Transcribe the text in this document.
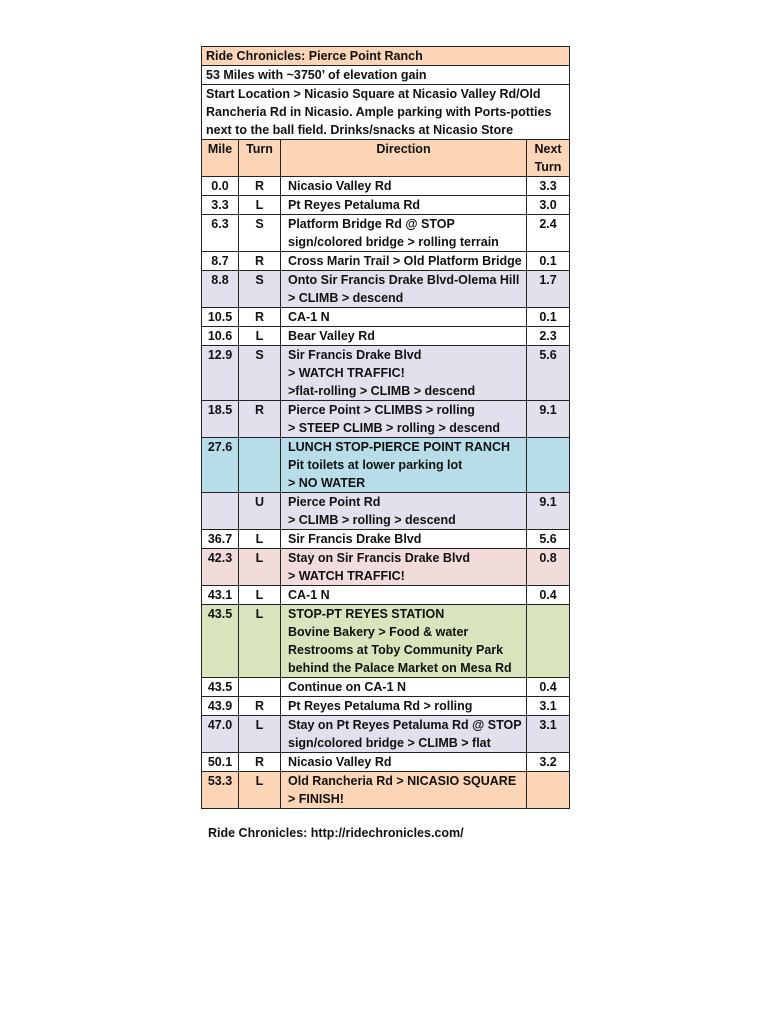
Ride Chronicles: Pierce Point Ranch			
53 Miles with ~3750’ of elevation gain			
Start Location > Nicasio Square at Nicasio Valley Rd/Old
Rancheria Rd in Nicasio. Ample parking with Ports-potties
next to the ball field. Drinks/snacks at Nicasio Store			
Mile	Turn	Direction	Next
Turn
0.0	R	Nicasio Valley Rd	3.3
3.3	L	Pt Reyes Petaluma Rd	3.0
6.3	S	Platform Bridge Rd @ STOP
sign/colored bridge > rolling terrain	2.4
8.7	R	Cross Marin Trail > Old Platform Bridge	0.1
8.8	S	Onto Sir Francis Drake Blvd-Olema Hill
> CLIMB > descend	1.7
10.5	R	CA-1 N	0.1
10.6	L	Bear Valley Rd	2.3
12.9	S	Sir Francis Drake Blvd
> WATCH TRAFFIC!
>flat-rolling > CLIMB > descend	5.6
18.5	R	Pierce Point > CLIMBS > rolling
> STEEP CLIMB > rolling > descend	9.1
27.6		LUNCH STOP-PIERCE POINT RANCH
Pit toilets at lower parking lot
> NO WATER	
	U	Pierce Point Rd
> CLIMB > rolling > descend	9.1
36.7	L	Sir Francis Drake Blvd	5.6
42.3	L	Stay on Sir Francis Drake Blvd
> WATCH TRAFFIC!	0.8
43.1	L	CA-1 N	0.4
43.5	L	STOP-PT REYES STATION
Bovine Bakery > Food & water
Restrooms at Toby Community Park
behind the Palace Market on Mesa Rd	
43.5		Continue on CA-1 N	0.4
43.9	R	Pt Reyes Petaluma Rd > rolling	3.1
47.0	L	Stay on Pt Reyes Petaluma Rd @ STOP
sign/colored bridge > CLIMB > flat	3.1
50.1	R	Nicasio Valley Rd	3.2
53.3	L	Old Rancheria Rd > NICASIO SQUARE
> FINISH!	
Ride Chronicles: http://ridechronicles.com/
